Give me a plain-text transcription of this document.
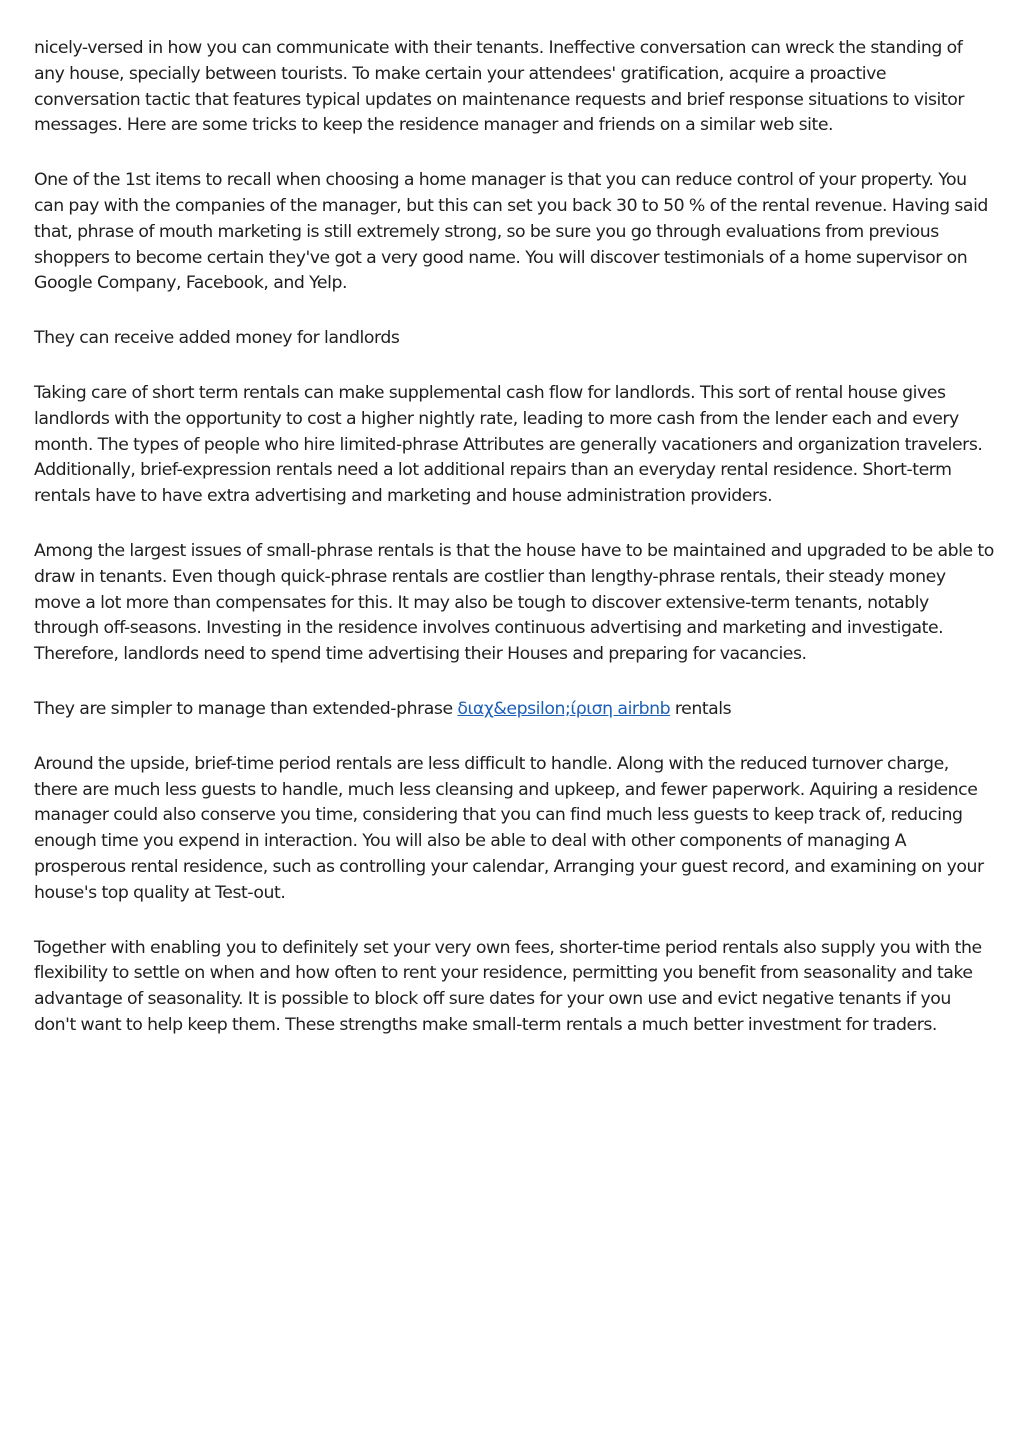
nicely-versed in how you can communicate with their tenants. Ineffective conversation can wreck the standing of any house, specially between tourists. To make certain your attendees' gratification, acquire a proactive conversation tactic that features typical updates on maintenance requests and brief response situations to visitor messages. Here are some tricks to keep the residence manager and friends on a similar web site.

One of the 1st items to recall when choosing a home manager is that you can reduce control of your property. You can pay with the companies of the manager, but this can set you back 30 to 50 % of the rental revenue. Having said that, phrase of mouth marketing is still extremely strong, so be sure you go through evaluations from previous shoppers to become certain they've got a very good name. You will discover testimonials of a home supervisor on Google Company, Facebook, and Yelp.

They can receive added money for landlords

Taking care of short term rentals can make supplemental cash flow for landlords. This sort of rental house gives landlords with the opportunity to cost a higher nightly rate, leading to more cash from the lender each and every month. The types of people who hire limited-phrase Attributes are generally vacationers and organization travelers. Additionally, brief-expression rentals need a lot additional repairs than an everyday rental residence. Short-term rentals have to have extra advertising and marketing and house administration providers.

Among the largest issues of small-phrase rentals is that the house have to be maintained and upgraded to be able to draw in tenants. Even though quick-phrase rentals are costlier than lengthy-phrase rentals, their steady money move a lot more than compensates for this. It may also be tough to discover extensive-term tenants, notably through off-seasons. Investing in the residence involves continuous advertising and marketing and investigate. Therefore, landlords need to spend time advertising their Houses and preparing for vacancies.

They are simpler to manage than extended-phrase διαχ&epsilon;ίριση airbnb rentals

Around the upside, brief-time period rentals are less difficult to handle. Along with the reduced turnover charge, there are much less guests to handle, much less cleansing and upkeep, and fewer paperwork. Aquiring a residence manager could also conserve you time, considering that you can find much less guests to keep track of, reducing enough time you expend in interaction. You will also be able to deal with other components of managing A prosperous rental residence, such as controlling your calendar, Arranging your guest record, and examining on your house's top quality at Test-out.

Together with enabling you to definitely set your very own fees, shorter-time period rentals also supply you with the flexibility to settle on when and how often to rent your residence, permitting you benefit from seasonality and take advantage of seasonality. It is possible to block off sure dates for your own use and evict negative tenants if you don't want to help keep them. These strengths make small-term rentals a much better investment for traders.
